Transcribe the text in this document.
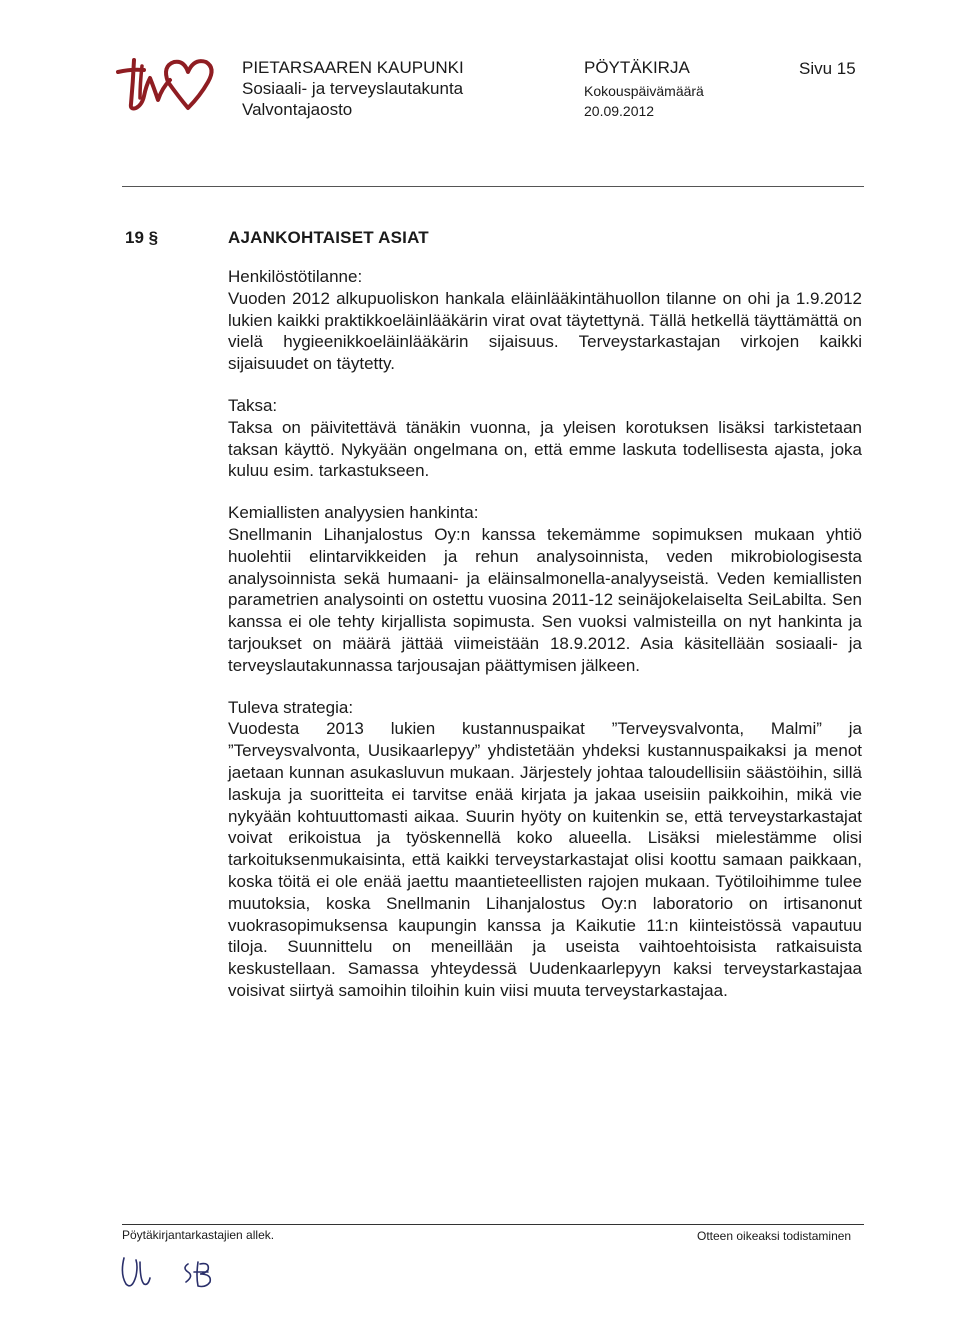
PIETARSAAREN KAUPUNKI
Sosiaali- ja terveyslautakunta
Valvontajaosto
PÖYTÄKIRJA
Kokouspäivämäärä
20.09.2012
Sivu 15
19 §	AJANKOHTAISET ASIAT
Henkilöstötilanne:
Vuoden 2012 alkupuoliskon hankala eläinlääkintähuollon tilanne on ohi ja 1.9.2012 lukien kaikki praktikkoeläinlääkärin virat ovat täytettynä. Tällä hetkellä täyttämättä on vielä hygieenikkoeläinlääkärin sijaisuus. Terveystarkastajan virkojen kaikki sijaisuudet on täytetty.
Taksa:
Taksa on päivitettävä tänäkin vuonna, ja yleisen korotuksen lisäksi tarkistetaan taksan käyttö. Nykyään ongelmana on, että emme laskuta todellisesta ajasta, joka kuluu esim. tarkastukseen.
Kemiallisten analyysien hankinta:
Snellmanin Lihanjalostus Oy:n kanssa tekemämme sopimuksen mukaan yhtiö huolehtii elintarvikkeiden ja rehun analysoinnista, veden mikrobiologisesta analysoinnista sekä humaani- ja eläinsalmonella-analyyseistä. Veden kemiallisten parametrien analysointi on ostettu vuosina 2011-12 seinäjokelaiselta SeiLabilta. Sen kanssa ei ole tehty kirjallista sopimusta. Sen vuoksi valmisteilla on nyt hankinta ja tarjoukset on määrä jättää viimeistään 18.9.2012. Asia käsitellään sosiaali- ja terveyslautakunnassa tarjousajan päättymisen jälkeen.
Tuleva strategia:
Vuodesta 2013 lukien kustannuspaikat ”Terveysvalvonta, Malmi” ja ”Terveysvalvonta, Uusikaarlepyy” yhdistetään yhdeksi kustannuspaikaksi ja menot jaetaan kunnan asukasluvun mukaan. Järjestely johtaa taloudellisiin säästöihin, sillä laskuja ja suoritteita ei tarvitse enää kirjata ja jakaa useisiin paikkoihin, mikä vie nykyään kohtuuttomasti aikaa. Suurin hyöty on kuitenkin se, että terveystarkastajat voivat erikoistua ja työskennellä koko alueella. Lisäksi mielestämme olisi tarkoituksenmukaisinta, että kaikki terveystarkastajat olisi koottu samaan paikkaan, koska töitä ei ole enää jaettu maantieteellisten rajojen mukaan. Työtiloihimme tulee muutoksia, koska Snellmanin Lihanjalostus Oy:n laboratorio on irtisanonut vuokrasopimuksensa kaupungin kanssa ja Kaikutie 11:n kiinteistössä vapautuu tiloja. Suunnittelu on meneillään ja useista vaihtoehtoisista ratkaisuista keskustellaan. Samassa yhteydessä Uudenkaarlepyyn kaksi terveystarkastajaa voisivat siirtyä samoihin tiloihin kuin viisi muuta terveystarkastajaa.
Pöytäkirjantarkastajien allek.	Otteen oikeaksi todistaminen
